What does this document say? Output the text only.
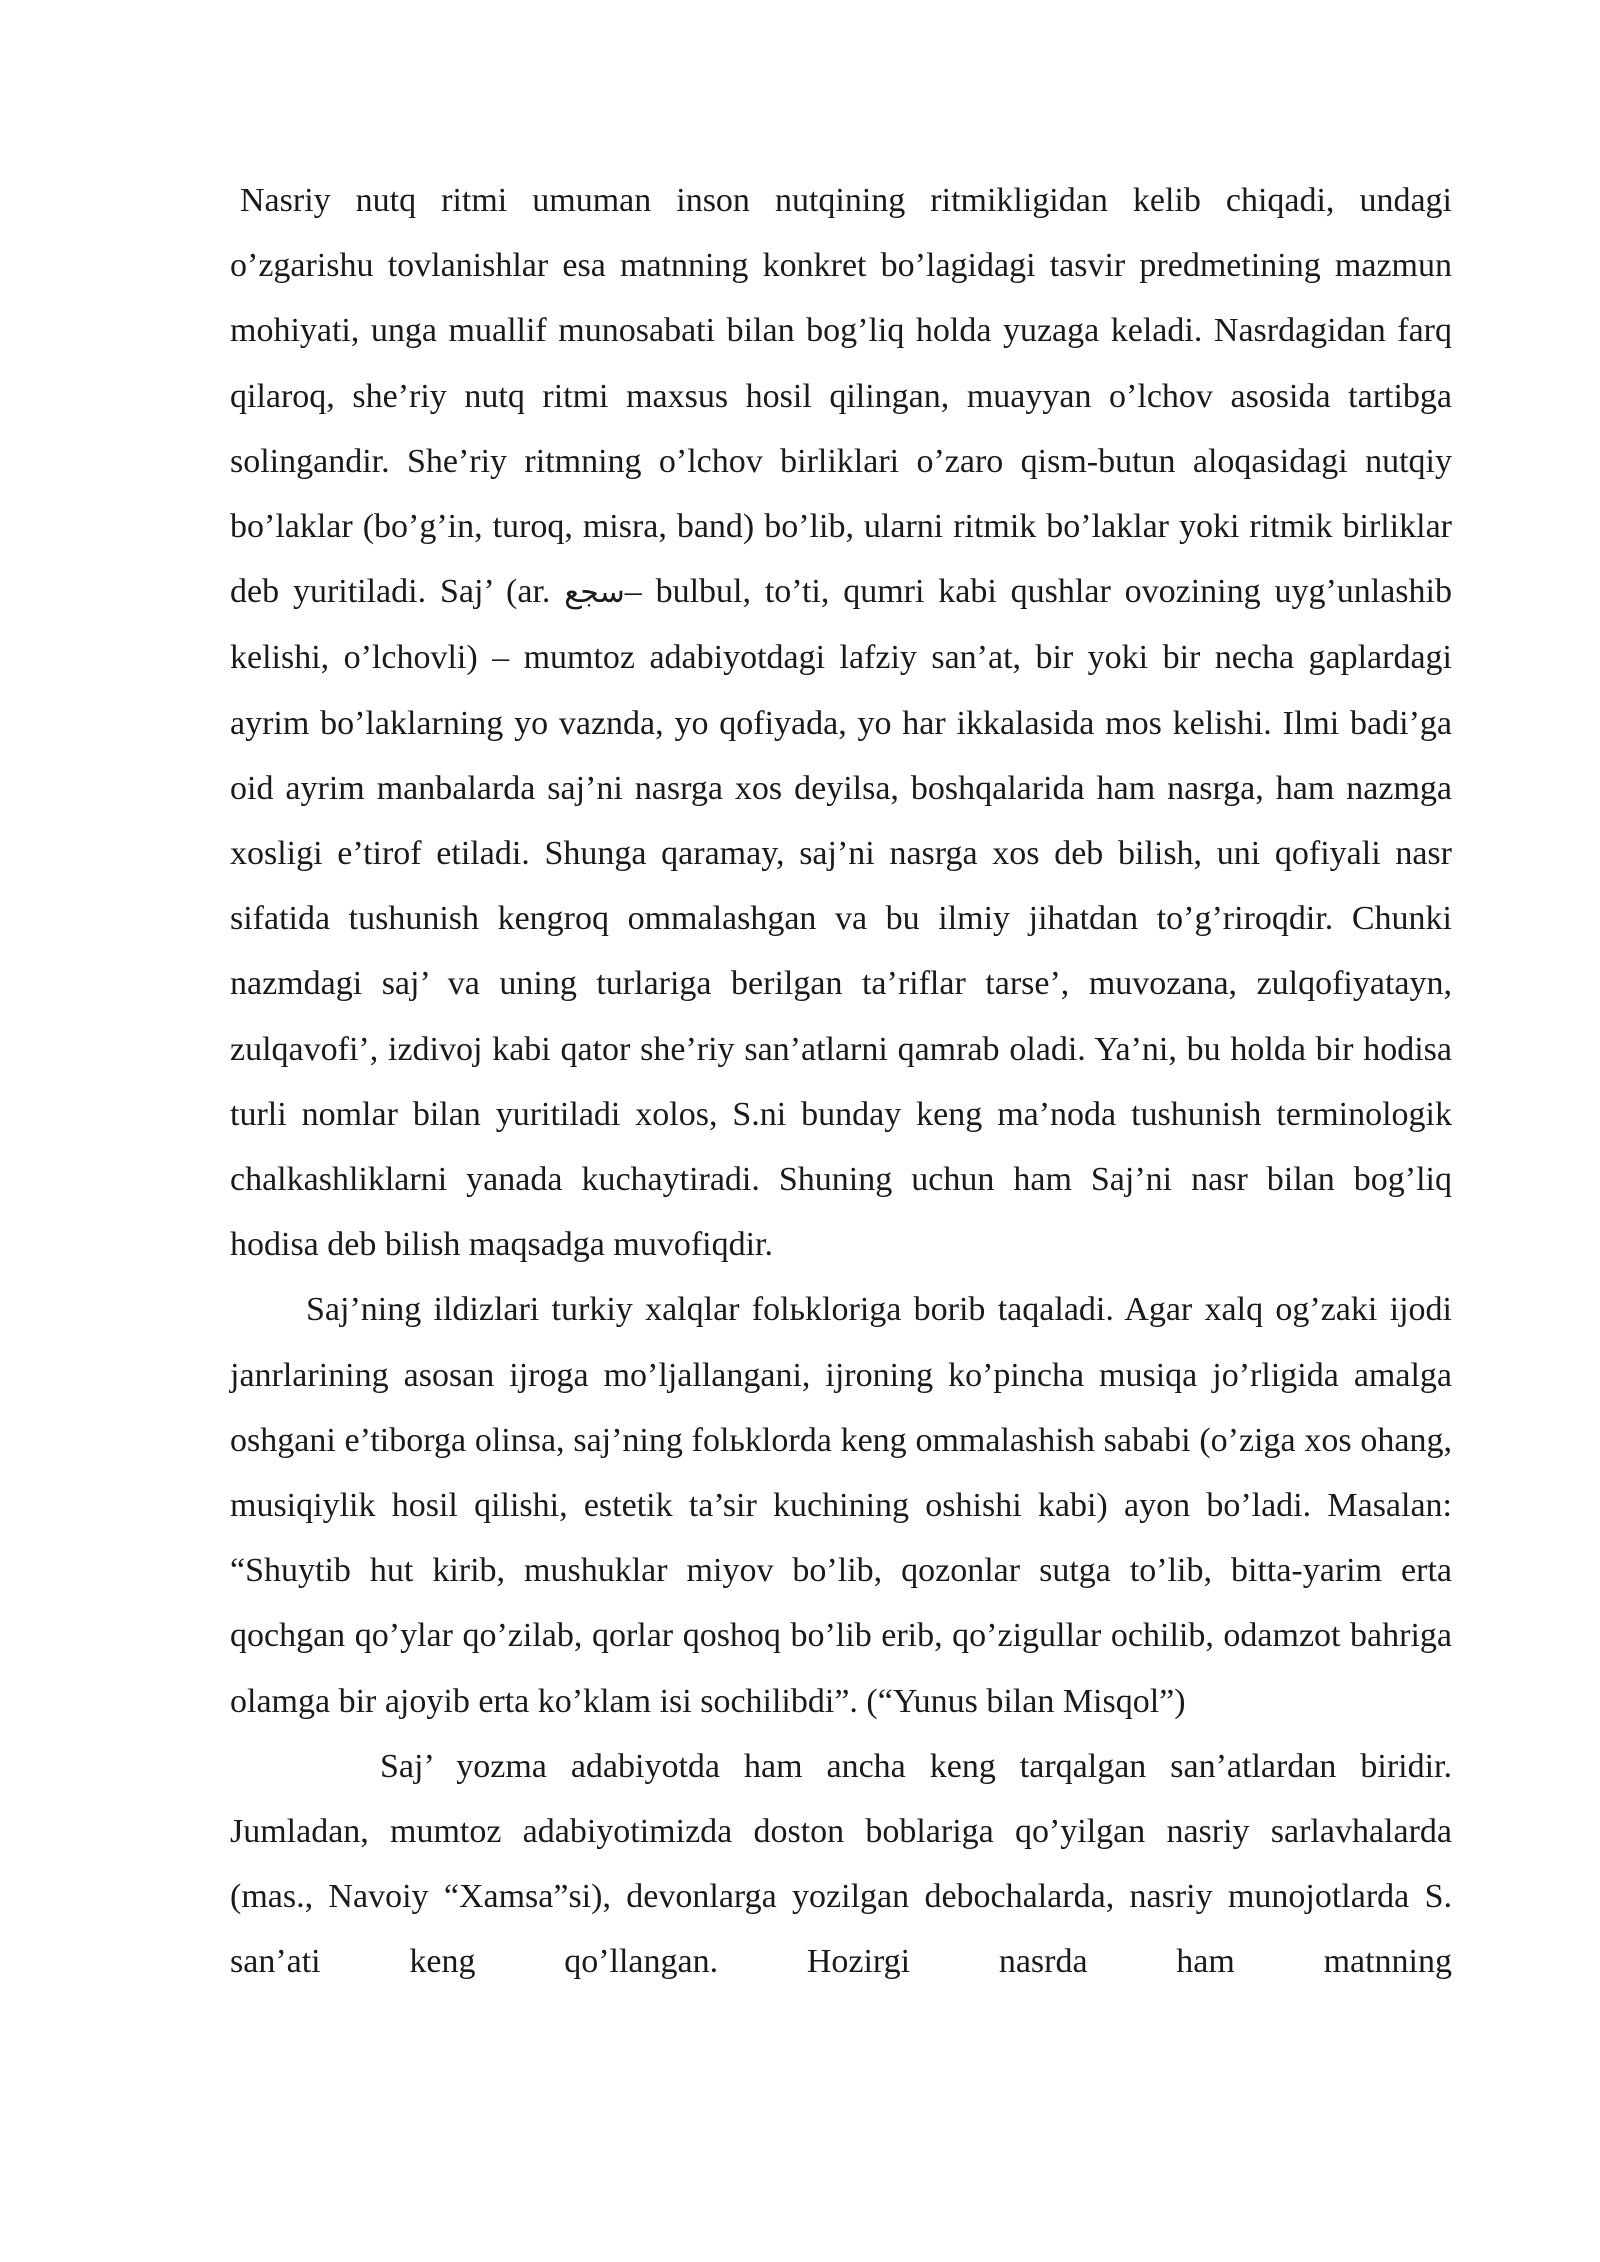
Nasriy nutq ritmi umuman inson nutqining ritmikligidan kelib chiqadi, undagi o’zgarishu tovlanishlar esa matnning konkret bo’lagidagi tasvir predmetining mazmun mohiyati, unga muallif munosabati bilan bog’liq holda yuzaga keladi. Nasrdagidan farq qilaroq, she’riy nutq ritmi maxsus hosil qilingan, muayyan o’lchov asosida tartibga solingandir. She’riy ritmning o’lchov birliklari o’zaro qism-butun aloqasidagi nutqiy bo’laklar (bo’g’in, turoq, misra, band) bo’lib, ularni ritmik bo’laklar yoki ritmik birliklar deb yuritiladi. Saj’ (ar. سجع– bulbul, to’ti, qumri kabi qushlar ovozining uyg’unlashib kelishi, o’lchovli) – mumtoz adabiyotdagi lafziy san’at, bir yoki bir necha gaplardagi ayrim bo’laklarning yo vaznda, yo qofiyada, yo har ikkalasida mos kelishi. Ilmi badi’ga oid ayrim manbalarda saj’ni nasrga xos deyilsa, boshqalarida ham nasrga, ham nazmga xosligi e’tirof etiladi. Shunga qaramay, saj’ni nasrga xos deb bilish, uni qofiyali nasr sifatida tushunish kengroq ommalashgan va bu ilmiy jihatdan to’g’riroqdir. Chunki nazmdagi saj’ va uning turlariga berilgan ta’riflar tarse’, muvozana, zulqofiyatayn, zulqavofi’, izdivoj kabi qator she’riy san’atlarni qamrab oladi. Ya’ni, bu holda bir hodisa turli nomlar bilan yuritiladi xolos, S.ni bunday keng ma’noda tushunish terminologik chalkashliklarni yanada kuchaytiradi. Shuning uchun ham Saj’ni nasr bilan bog’liq hodisa deb bilish maqsadga muvofiqdir.

Saj’ning ildizlari turkiy xalqlar folьkloriga borib taqaladi. Agar xalq og’zaki ijodi janrlarining asosan ijroga mo’ljallangani, ijroning ko’pincha musiqa jo’rligida amalga oshgani e’tiborga olinsa, saj’ning folьklorda keng ommalashish sababi (o’ziga xos ohang, musiqiylik hosil qilishi, estetik ta’sir kuchining oshishi kabi) ayon bo’ladi. Masalan: “Shuytib hut kirib, mushuklar miyov bo’lib, qozonlar sutga to’lib, bitta-yarim erta qochgan qo’ylar qo’zilab, qorlar qoshoq bo’lib erib, qo’zigullar ochilib, odamzot bahriga olamga bir ajoyib erta ko’klam isi sochilibdi”. (“Yunus bilan Misqol”)

Saj’ yozma adabiyotda ham ancha keng tarqalgan san’atlardan biridir. Jumladan, mumtoz adabiyotimizda doston boblariga qo’yilgan nasriy sarlavhalarda (mas., Navoiy “Xamsa”si), devonlarga yozilgan debochalarda, nasriy munojotlarda S. san’ati keng qo’llangan. Hozirgi nasrda ham matnning
